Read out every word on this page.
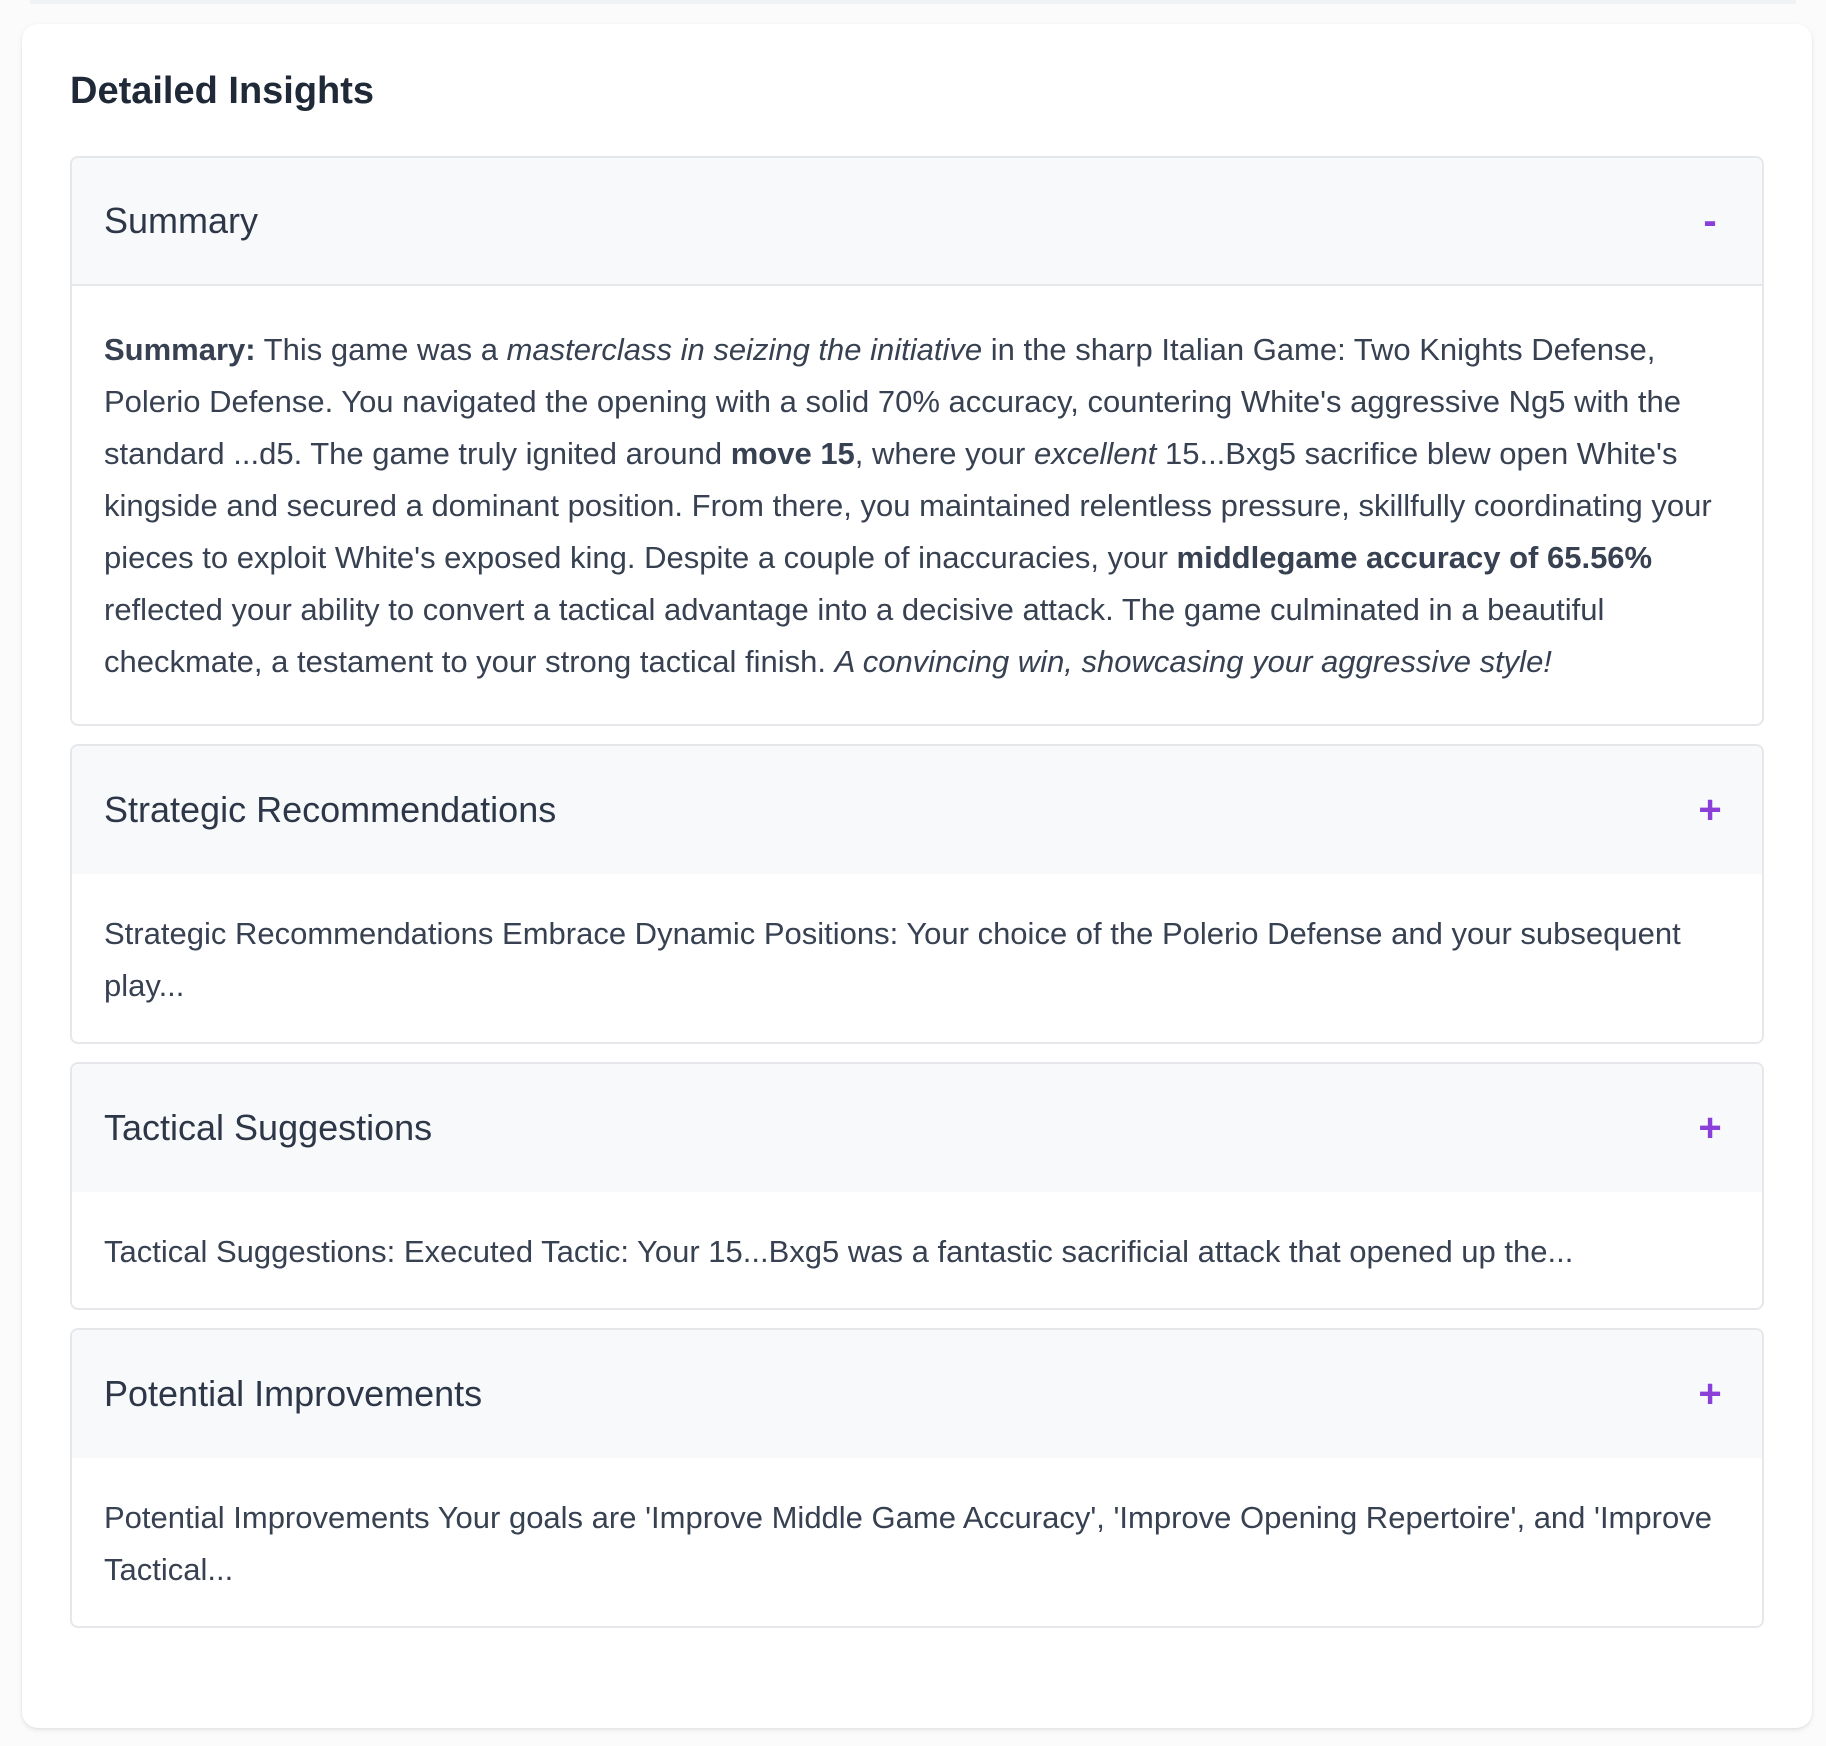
Detailed Insights
Summary	-

Summary: This game was a masterclass in seizing the initiative in the sharp Italian Game: Two Knights Defense, Polerio Defense. You navigated the opening with a solid 70% accuracy, countering White's aggressive Ng5 with the standard ...d5. The game truly ignited around move 15, where your excellent 15...Bxg5 sacrifice blew open White's kingside and secured a dominant position. From there, you maintained relentless pressure, skillfully coordinating your pieces to exploit White's exposed king. Despite a couple of inaccuracies, your middlegame accuracy of 65.56% reflected your ability to convert a tactical advantage into a decisive attack. The game culminated in a beautiful checkmate, a testament to your strong tactical finish. A convincing win, showcasing your aggressive style!

Strategic Recommendations	+
Strategic Recommendations Embrace Dynamic Positions: Your choice of the Polerio Defense and your subsequent play...
Tactical Suggestions	+
Tactical Suggestions: Executed Tactic: Your 15...Bxg5 was a fantastic sacrificial attack that opened up the...
Potential Improvements	+
Potential Improvements Your goals are 'Improve Middle Game Accuracy', 'Improve Opening Repertoire', and 'Improve Tactical...
